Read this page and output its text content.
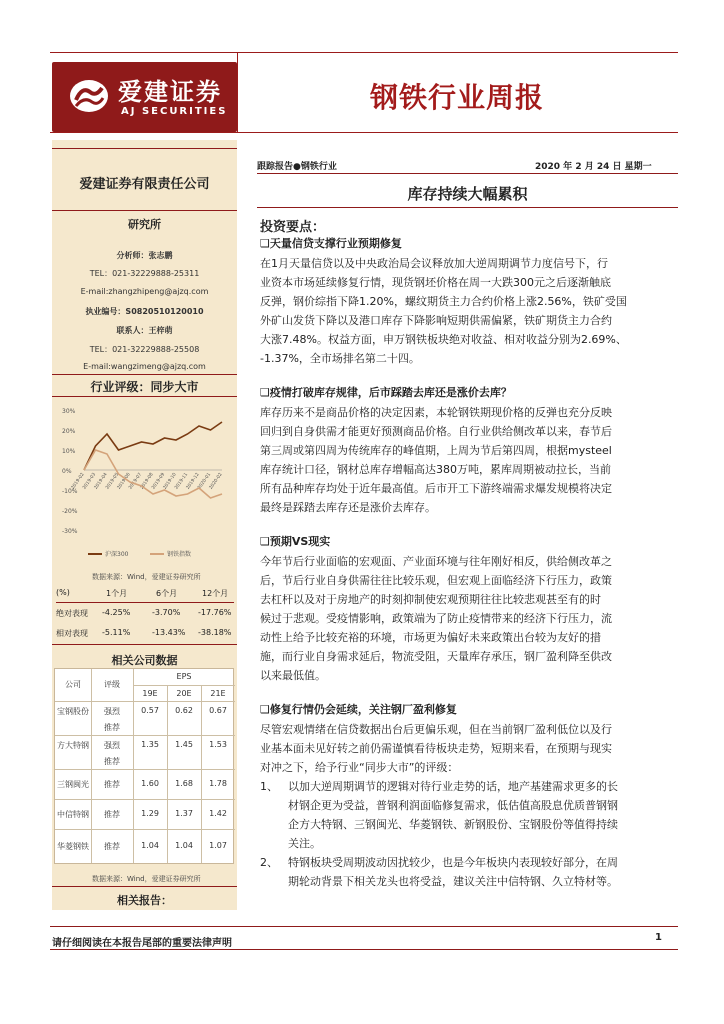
爱建证券
AJ SECURITIES	钢铁行业周报
爱建证券有限责任公司
研究所
分析师：张志鹏
TEL：021-32229888-25311
E-mail:zhangzhipeng@ajzq.com
执业编号：S0820510120010
联系人：王梓萌
TEL：021-32229888-25508
E-mail:wangzimeng@ajzq.com
行业评级：同步大市
30%
20%
10%
0%
-10%
-20%
-30%
2019-02
2019-03
2019-04
2019-05
2019-06
2019-07
2019-08
2019-09
2019-10
2019-11
2019-12
2020-01
2020-02
沪深300	钢铁指数
数据来源：Wind，爱建证券研究所
(%)	1个月	6个月	12个月
绝对表现 -4.25%	-3.70% -17.76%
相对表现 -5.11%	-13.43% -38.18%
相关公司数据
公司	评级
EPS
19E	20E	21E
宝钢股份	强烈
推荐
0.57	0.62	0.67
方大特钢	强烈
推荐
1.35	1.45	1.53
三钢闽光	推荐	1.60	1.68	1.78
中信特钢	推荐	1.29	1.37	1.42
华菱钢铁	推荐	1.04	1.04	1.07
数据来源：Wind，爱建证券研究所
相关报告：
跟踪报告●钢铁行业	2020 年 2 月 24 日 星期一
库存持续大幅累积
投资要点：
❑天量信贷支撑行业预期修复
在1月天量信贷以及中央政治局会议释放加大逆周期调节力度信号下，行
业资本市场延续修复行情，现货钢坯价格在周一大跌300元之后逐渐触底
反弹，钢价综指下降1.20%，螺纹期货主力合约价格上涨2.56%，铁矿受国
外矿山发货下降以及港口库存下降影响短期供需偏紧，铁矿期货主力合约
大涨7.48%。权益方面，申万钢铁板块绝对收益、相对收益分别为2.69%、
-1.37%，全市场排名第二十四。
❑疫情打破库存规律，后市踩踏去库还是涨价去库？
库存历来不是商品价格的决定因素，本轮钢铁期现价格的反弹也充分反映
回归到自身供需才能更好预测商品价格。自行业供给侧改革以来，春节后
第三周或第四周为传统库存的峰值期，上周为节后第四周，根据mysteel
库存统计口径，钢材总库存增幅高达380万吨，累库周期被动拉长，当前
所有品种库存均处于近年最高值。后市开工下游终端需求爆发规模将决定
最终是踩踏去库存还是涨价去库存。
❑预期VS现实
今年节后行业面临的宏观面、产业面环境与往年刚好相反，供给侧改革之
后，节后行业自身供需往往比较乐观，但宏观上面临经济下行压力，政策
去杠杆以及对于房地产的时刻抑制使宏观预期往往比较悲观甚至有的时
候过于悲观。受疫情影响，政策端为了防止疫情带来的经济下行压力，流
动性上给予比较充裕的环境，市场更为偏好未来政策出台较为友好的措
施，而行业自身需求延后，物流受阻，天量库存承压，钢厂盈利降至供改
以来最低值。
❑修复行情仍会延续，关注钢厂盈利修复
尽管宏观情绪在信贷数据出台后更偏乐观，但在当前钢厂盈利低位以及行
业基本面未见好转之前仍需谨慎看待板块走势，短期来看，在预期与现实
对冲之下，给予行业“同步大市”的评级：
1、 以加大逆周期调节的逻辑对待行业走势的话，地产基建需求更多的长
材钢企更为受益，普钢利润面临修复需求，低估值高股息优质普钢钢
企方大特钢、三钢闽光、华菱钢铁、新钢股份、宝钢股份等值得持续
关注。
2、 特钢板块受周期波动因扰较少，也是今年板块内表现较好部分，在周
期轮动背景下相关龙头也将受益，建议关注中信特钢、久立特材等。
请仔细阅读在本报告尾部的重要法律声明
1
